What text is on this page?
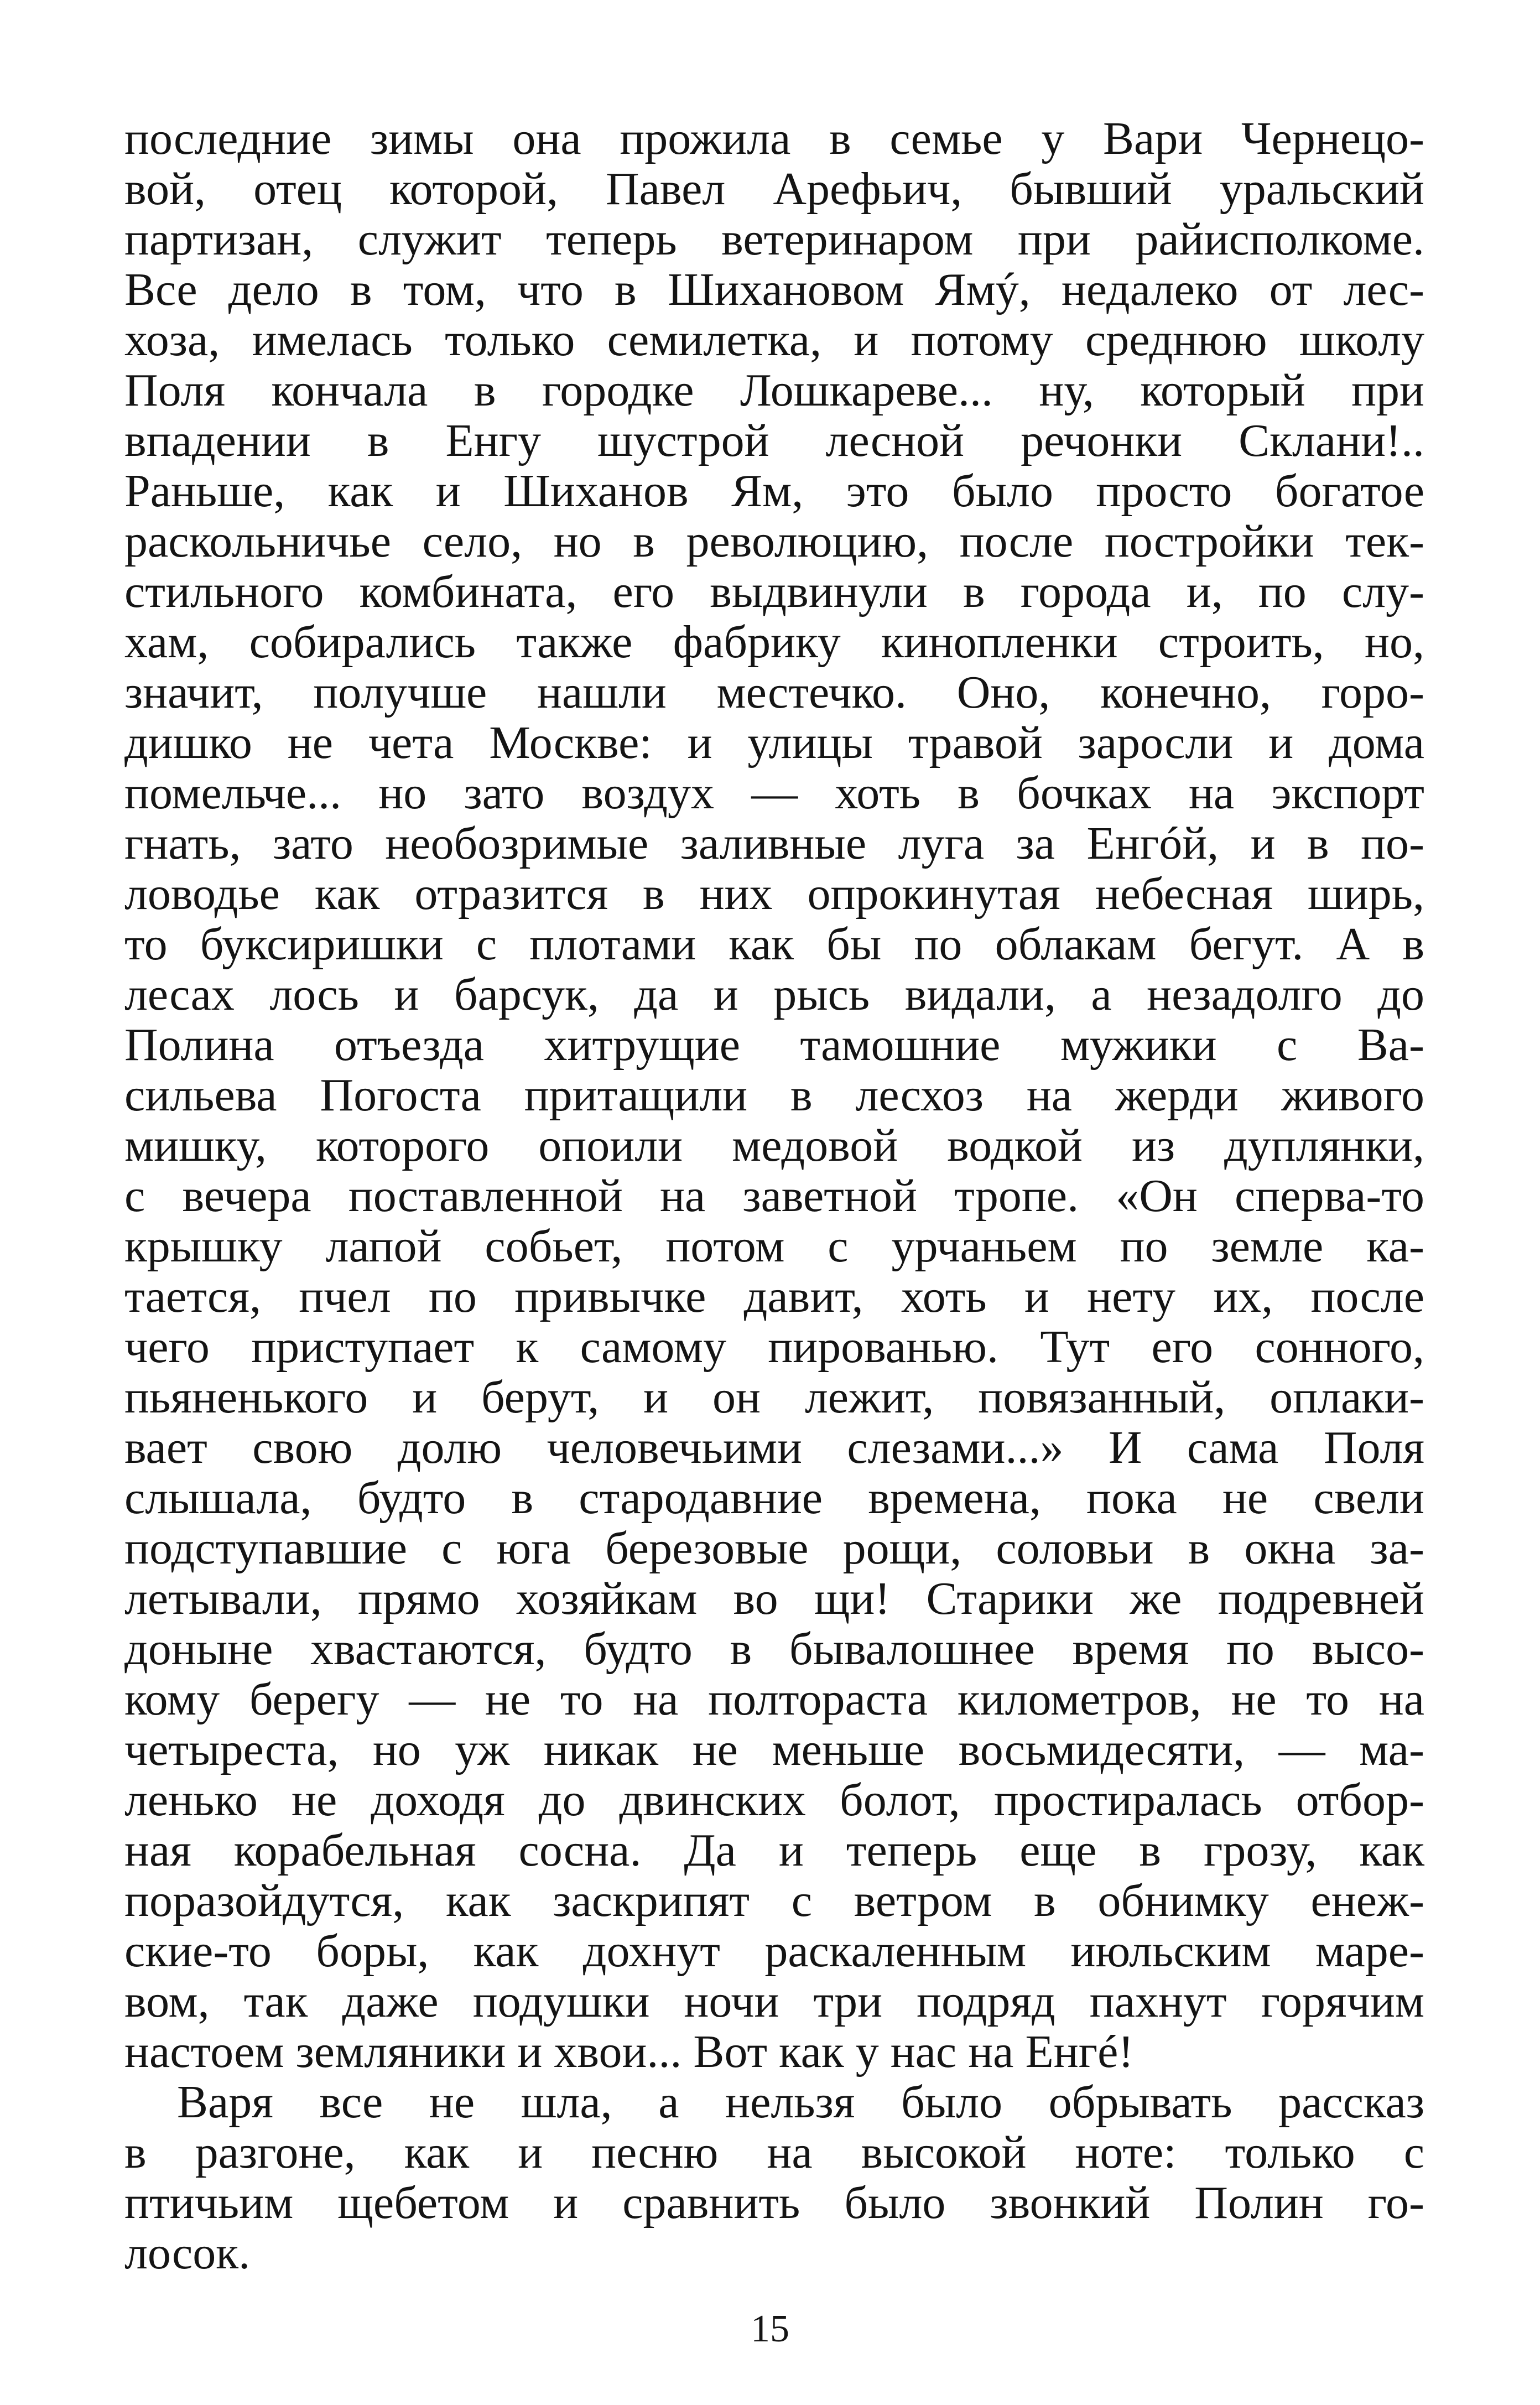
последние зимы она прожила в семье у Вари Чернецо-
вой, отец которой, Павел Арефьич, бывший уральский
партизан, служит теперь ветеринаром при райисполкоме.
Все дело в том, что в Шихановом Ямý, недалеко от лес-
хоза, имелась только семилетка, и потому среднюю школу
Поля кончала в городке Лошкареве... ну, который при
впадении в Енгу шустрой лесной речонки Склани!..
Раньше, как и Шиханов Ям, это было просто богатое
раскольничье село, но в революцию, после постройки тек-
стильного комбината, его выдвинули в города и, по слу-
хам, собирались также фабрику кинопленки строить, но,
значит, получше нашли местечко. Оно, конечно, горо-
дишко не чета Москве: и улицы травой заросли и дома
помельче... но зато воздух — хоть в бочках на экспорт
гнать, зато необозримые заливные луга за Енгóй, и в по-
ловодье как отразится в них опрокинутая небесная ширь,
то буксиришки с плотами как бы по облакам бегут. А в
лесах лось и барсук, да и рысь видали, а незадолго до
Полина отъезда хитрущие тамошние мужики с Ва-
сильева Погоста притащили в лесхоз на жерди живого
мишку, которого опоили медовой водкой из дуплянки,
с вечера поставленной на заветной тропе. «Он сперва-то
крышку лапой собьет, потом с урчаньем по земле ка-
тается, пчел по привычке давит, хоть и нету их, после
чего приступает к самому пированью. Тут его сонного,
пьяненького и берут, и он лежит, повязанный, оплаки-
вает свою долю человечьими слезами...» И сама Поля
слышала, будто в стародавние времена, пока не свели
подступавшие с юга березовые рощи, соловьи в окна за-
летывали, прямо хозяйкам во щи! Старики же подревней
доныне хвастаются, будто в бывалошнее время по высо-
кому берегу — не то на полтораста километров, не то на
четыреста, но уж никак не меньше восьмидесяти, — ма-
ленько не доходя до двинских болот, простиралась отбор-
ная корабельная сосна. Да и теперь еще в грозу, как
поразойдутся, как заскрипят с ветром в обнимку енеж-
ские-то боры, как дохнут раскаленным июльским маре-
вом, так даже подушки ночи три подряд пахнут горячим
настоем земляники и хвои... Вот как у нас на Енгé!
Варя все не шла, а нельзя было обрывать рассказ
в разгоне, как и песню на высокой ноте: только с
птичьим щебетом и сравнить было звонкий Полин го-
лосок.
15
